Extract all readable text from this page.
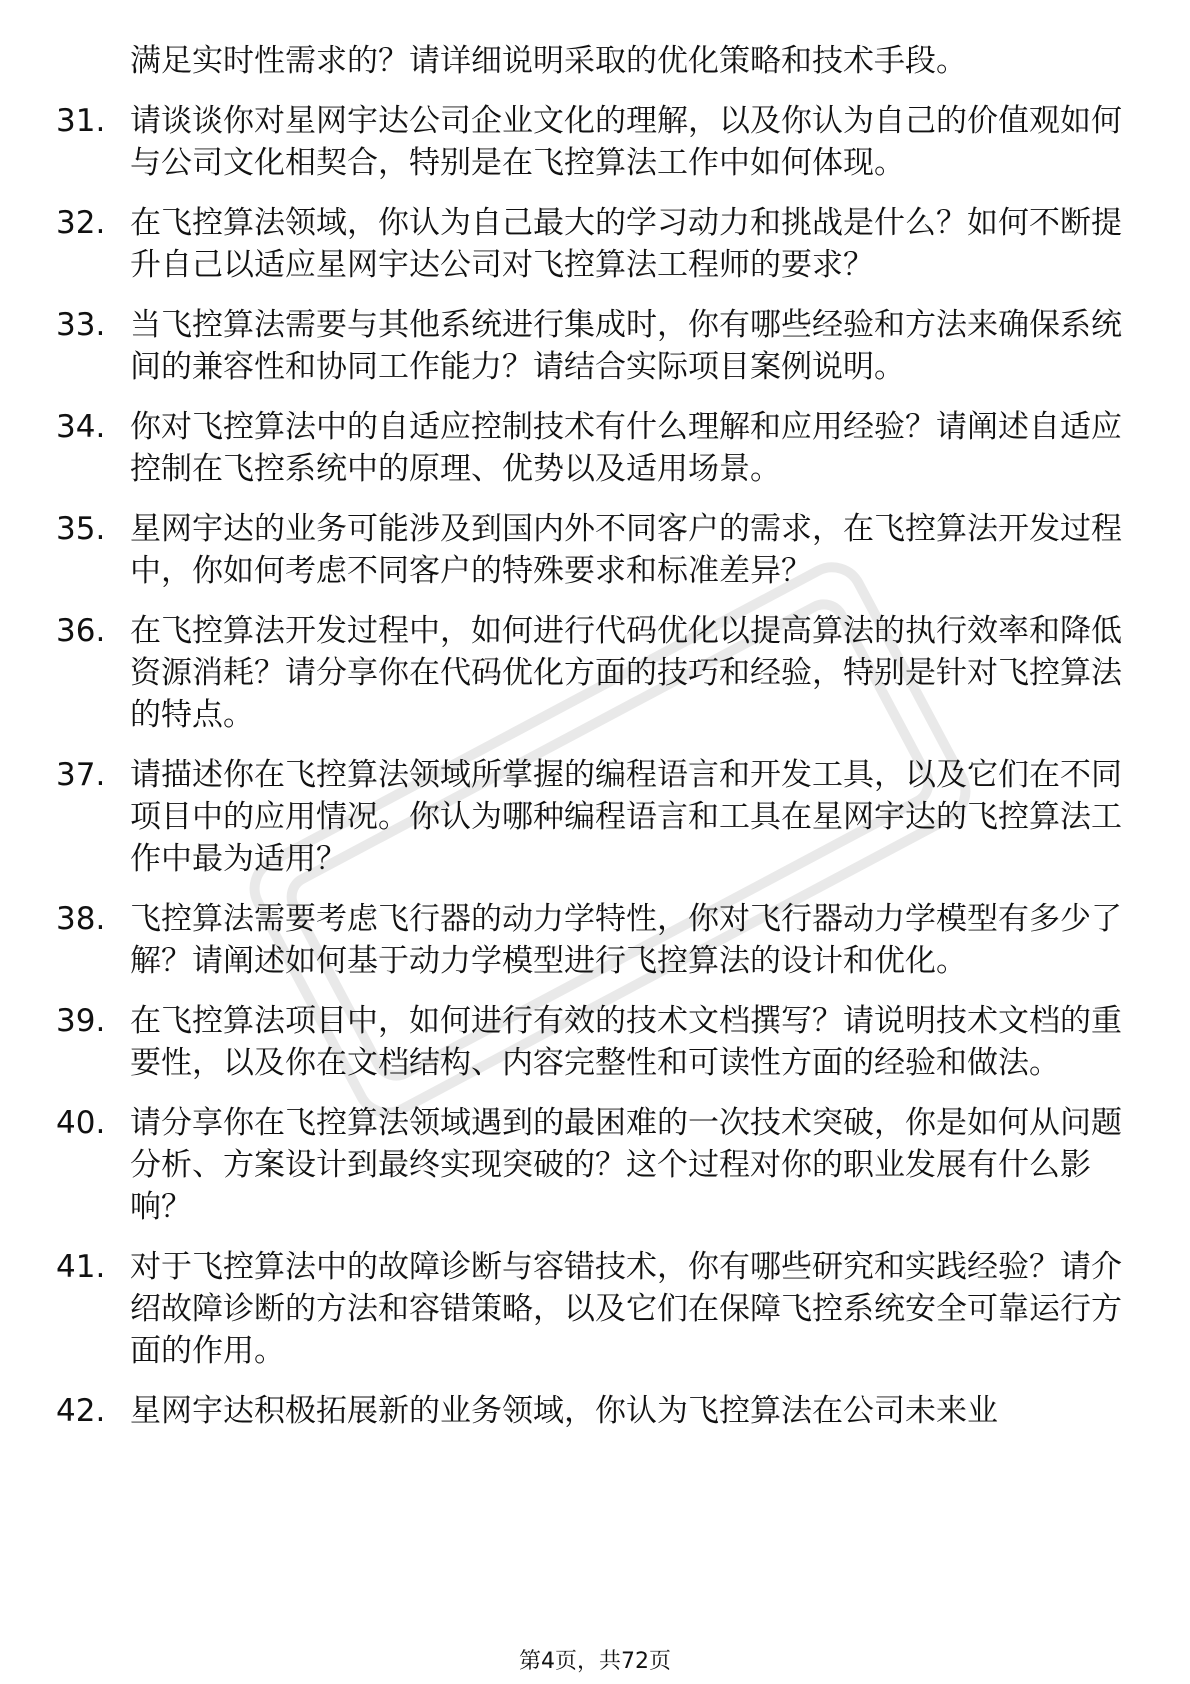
满足实时性需求的？请详细说明采取的优化策略和技术手段。
31. 请谈谈你对星网宇达公司企业文化的理解，以及你认为自己的价值观如何与公司文化相契合，特别是在飞控算法工作中如何体现。
32. 在飞控算法领域，你认为自己最大的学习动力和挑战是什么？如何不断提升自己以适应星网宇达公司对飞控算法工程师的要求？
33. 当飞控算法需要与其他系统进行集成时，你有哪些经验和方法来确保系统间的兼容性和协同工作能力？请结合实际项目案例说明。
34. 你对飞控算法中的自适应控制技术有什么理解和应用经验？请阐述自适应控制在飞控系统中的原理、优势以及适用场景。
35. 星网宇达的业务可能涉及到国内外不同客户的需求，在飞控算法开发过程中，你如何考虑不同客户的特殊要求和标准差异？
36. 在飞控算法开发过程中，如何进行代码优化以提高算法的执行效率和降低资源消耗？请分享你在代码优化方面的技巧和经验，特别是针对飞控算法的特点。
37. 请描述你在飞控算法领域所掌握的编程语言和开发工具，以及它们在不同项目中的应用情况。你认为哪种编程语言和工具在星网宇达的飞控算法工作中最为适用？
38. 飞控算法需要考虑飞行器的动力学特性，你对飞行器动力学模型有多少了解？请阐述如何基于动力学模型进行飞控算法的设计和优化。
39. 在飞控算法项目中，如何进行有效的技术文档撰写？请说明技术文档的重要性，以及你在文档结构、内容完整性和可读性方面的经验和做法。
40. 请分享你在飞控算法领域遇到的最困难的一次技术突破，你是如何从问题分析、方案设计到最终实现突破的？这个过程对你的职业发展有什么影响？
41. 对于飞控算法中的故障诊断与容错技术，你有哪些研究和实践经验？请介绍故障诊断的方法和容错策略，以及它们在保障飞控系统安全可靠运行方面的作用。
42. 星网宇达积极拓展新的业务领域，你认为飞控算法在公司未来业
第4页，共72页
